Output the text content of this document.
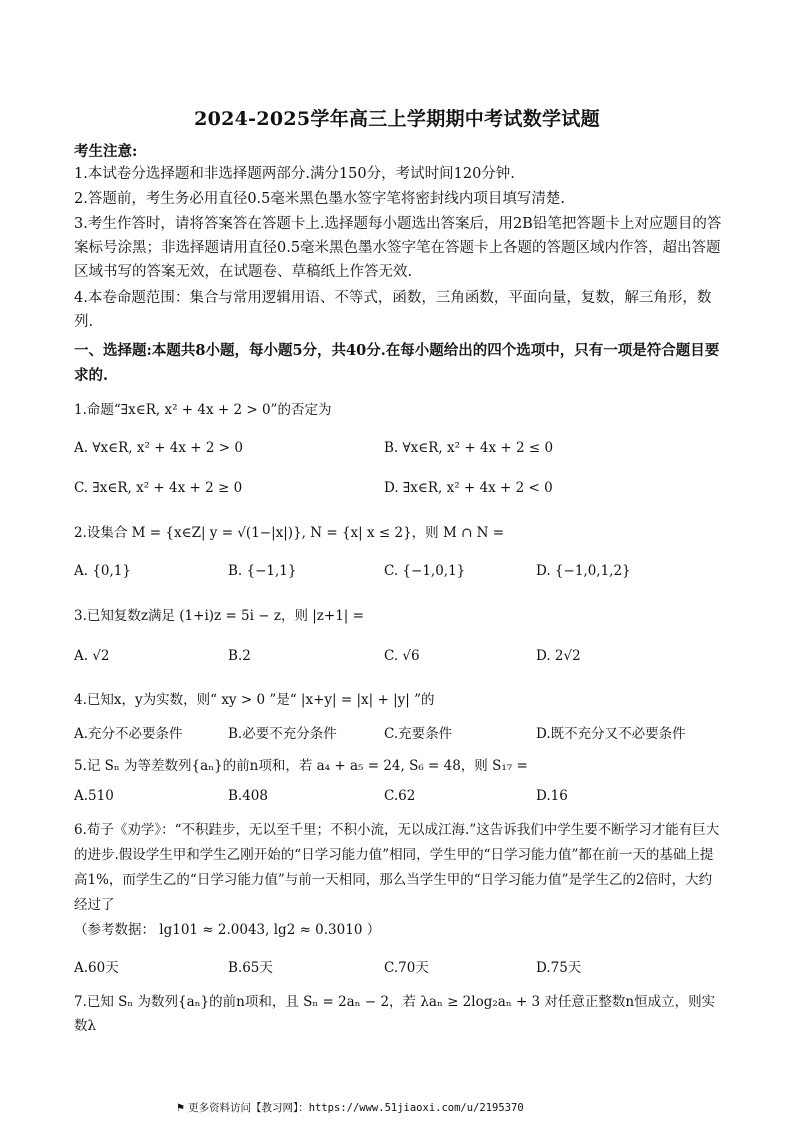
2024-2025学年高三上学期期中考试数学试题
考生注意:
1.本试卷分选择题和非选择题两部分.满分150分，考试时间120分钟.
2.答题前，考生务必用直径0.5毫米黑色墨水签字笔将密封线内项目填写清楚.
3.考生作答时，请将答案答在答题卡上.选择题每小题选出答案后，用2B铅笔把答题卡上对应题目的答案标号涂黑；非选择题请用直径0.5毫米黑色墨水签字笔在答题卡上各题的答题区域内作答，超出答题区域书写的答案无效，在试题卷、草稿纸上作答无效.
4.本卷命题范围：集合与常用逻辑用语、不等式，函数，三角函数，平面向量，复数，解三角形，数列.
一、选择题:本题共8小题，每小题5分，共40分.在每小题给出的四个选项中，只有一项是符合题目要求的.
1.命题“∃x∈R, x² + 4x + 2 > 0”的否定为
A. ∀x∈R, x² + 4x + 2 > 0	B. ∀x∈R, x² + 4x + 2 ≤ 0
C. ∃x∈R, x² + 4x + 2 ≥ 0	D. ∃x∈R, x² + 4x + 2 < 0
2.设集合 M = {x∈Z| y = √(1−|x|)}, N = {x| x ≤ 2}，则 M ∩ N =
A. {0,1}	B. {−1,1}	C. {−1,0,1}	D. {−1,0,1,2}
3.已知复数z满足 (1+i)z = 5i − z，则 |z+1| =
A. √2	B.2	C. √6	D. 2√2
4.已知x，y为实数，则“ xy > 0 ”是“ |x+y| = |x| + |y| ”的
A.充分不必要条件	B.必要不充分条件	C.充要条件	D.既不充分又不必要条件
5.记 Sₙ 为等差数列{aₙ}的前n项和，若 a₄ + a₅ = 24, S₆ = 48，则 S₁₇ =
A.510	B.408	C.62	D.16
6.荀子《劝学》：“不积跬步，无以至千里；不积小流，无以成江海.”这告诉我们中学生要不断学习才能有巨大的进步.假设学生甲和学生乙刚开始的“日学习能力值”相同，学生甲的“日学习能力值”都在前一天的基础上提高1%，而学生乙的“日学习能力值”与前一天相同，那么当学生甲的“日学习能力值”是学生乙的2倍时，大约经过了
（参考数据： lg101 ≈ 2.0043, lg2 ≈ 0.3010 ）
A.60天	B.65天	C.70天	D.75天
7.已知 Sₙ 为数列{aₙ}的前n项和，且 Sₙ = 2aₙ − 2，若 λaₙ ≥ 2log₂aₙ + 3 对任意正整数n恒成立，则实数λ
⚑ 更多资料访问【教习网】：https://www.51jiaoxi.com/u/2195370
